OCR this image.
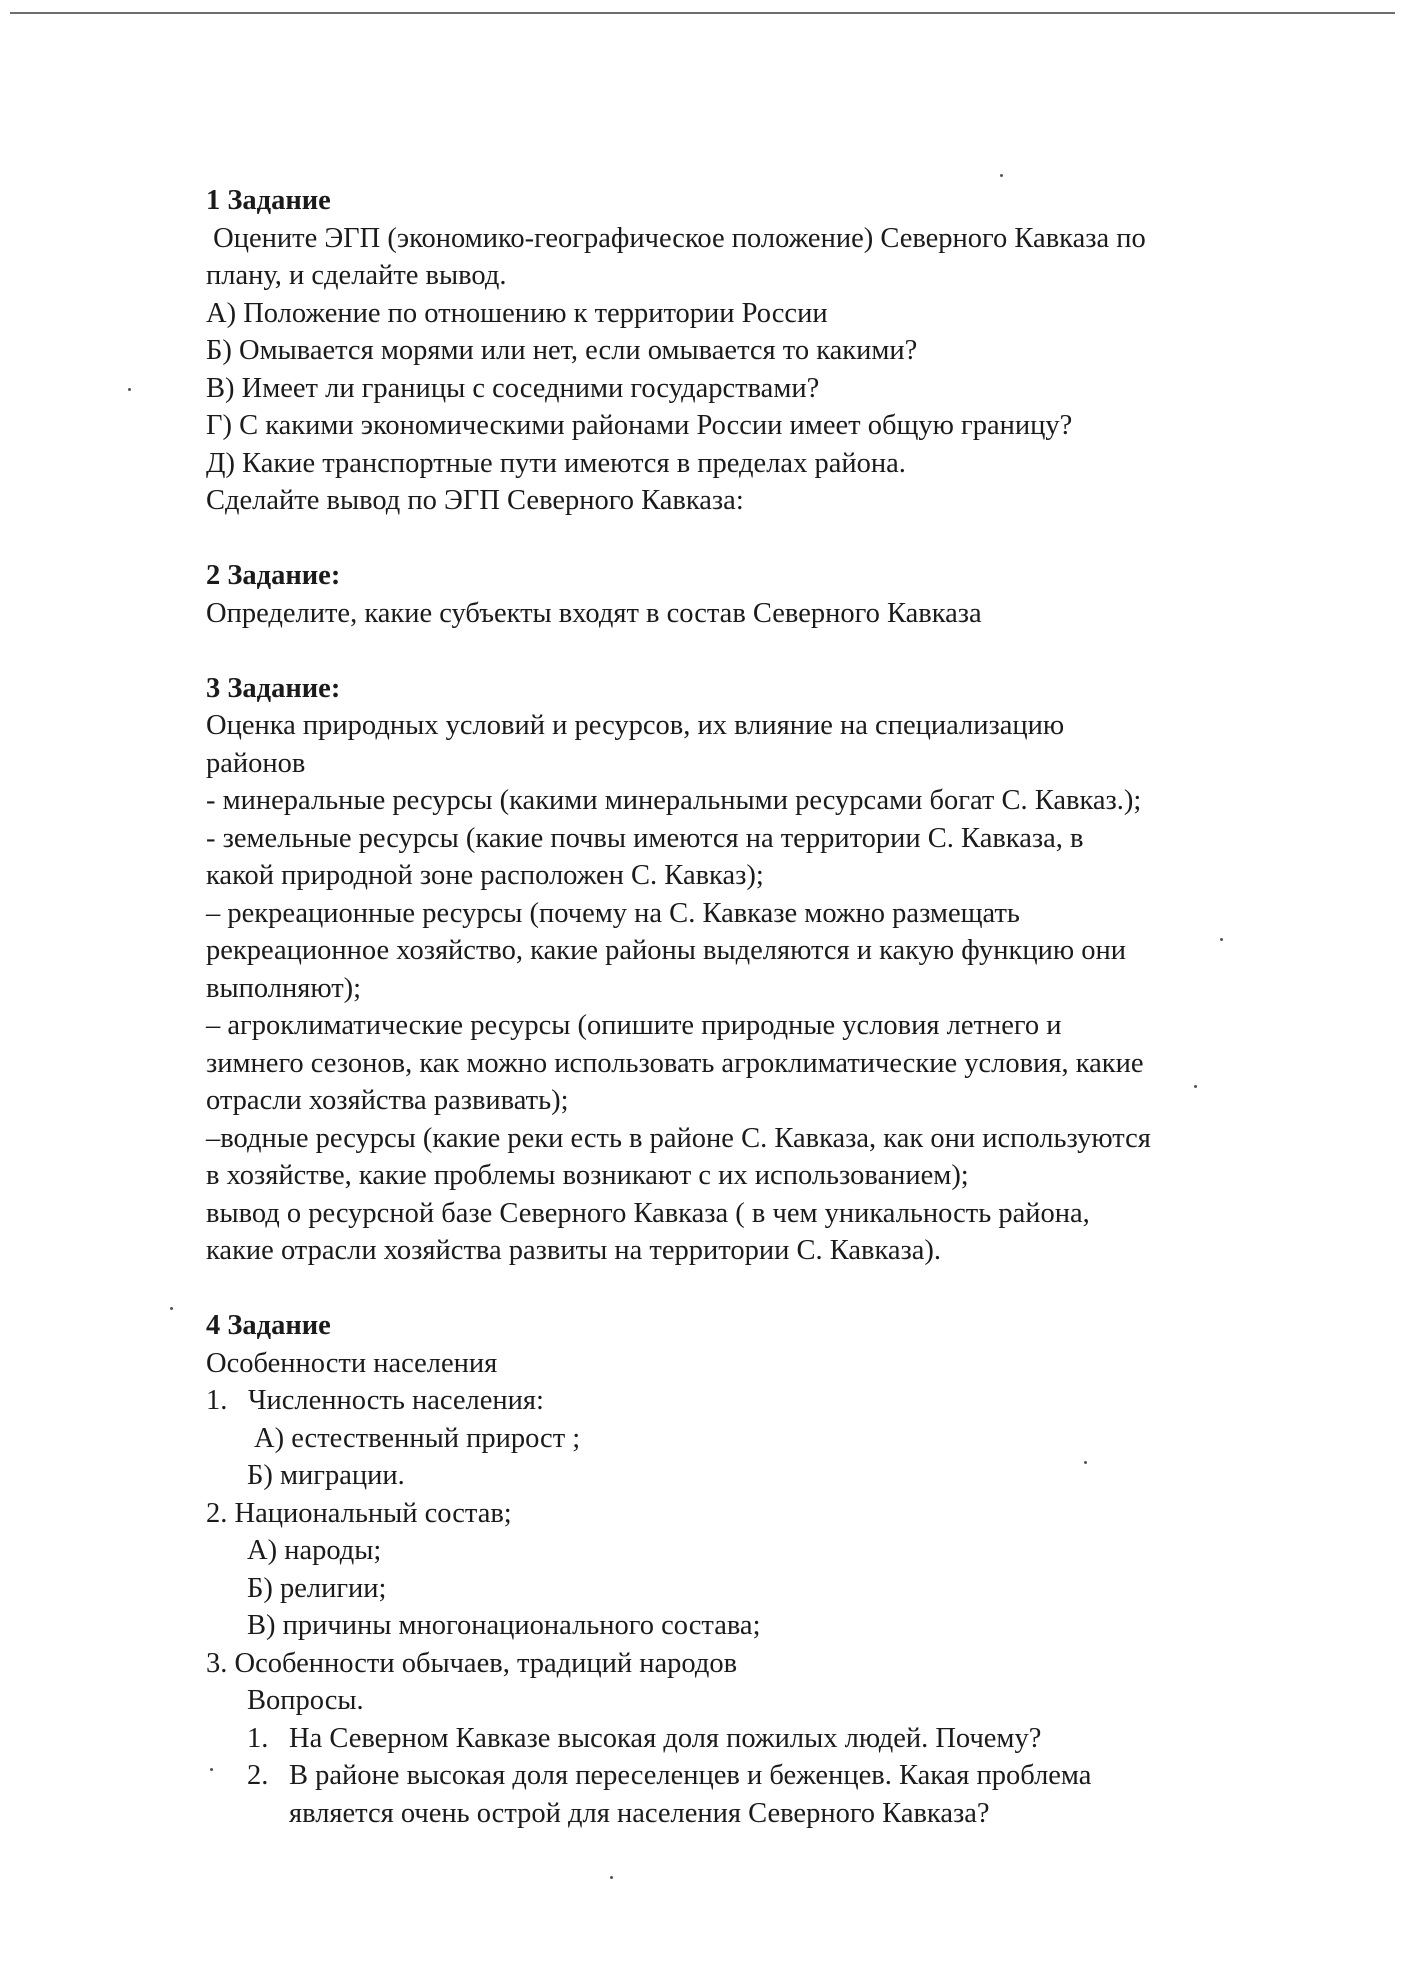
1 Задание
Оцените ЭГП (экономико-географическое положение) Северного Кавказа по
плану, и сделайте вывод.
А) Положение по отношению к территории России
Б) Омывается морями или нет, если омывается то какими?
В) Имеет ли границы с соседними государствами?
Г) С какими экономическими районами России имеет общую границу?
Д) Какие транспортные пути имеются в пределах района.
Сделайте вывод по ЭГП Северного Кавказа:
2 Задание:
Определите, какие субъекты входят в состав Северного Кавказа
3 Задание:
Оценка природных условий и ресурсов, их влияние на специализацию
районов
- минеральные ресурсы (какими минеральными ресурсами богат С. Кавказ.);
- земельные ресурсы (какие почвы имеются на территории С. Кавказа, в
какой природной зоне расположен С. Кавказ);
– рекреационные ресурсы (почему на С. Кавказе можно размещать
рекреационное хозяйство, какие районы выделяются и какую функцию они
выполняют);
– агроклиматические ресурсы (опишите природные условия летнего и
зимнего сезонов, как можно использовать агроклиматические условия, какие
отрасли хозяйства развивать);
–водные ресурсы (какие реки есть в районе С. Кавказа, как они используются
в хозяйстве, какие проблемы возникают с их использованием);
вывод о ресурсной базе Северного Кавказа ( в чем уникальность района,
какие отрасли хозяйства развиты на территории С. Кавказа).
4 Задание
Особенности населения
1. Численность населения:
А) естественный прирост ;
Б) миграции.
2. Национальный состав;
А) народы;
Б) религии;
В) причины многонационального состава;
3. Особенности обычаев, традиций народов
Вопросы.
1. На Северном Кавказе высокая доля пожилых людей. Почему?
2. В районе высокая доля переселенцев и беженцев. Какая проблема
является очень острой для населения Северного Кавказа?
